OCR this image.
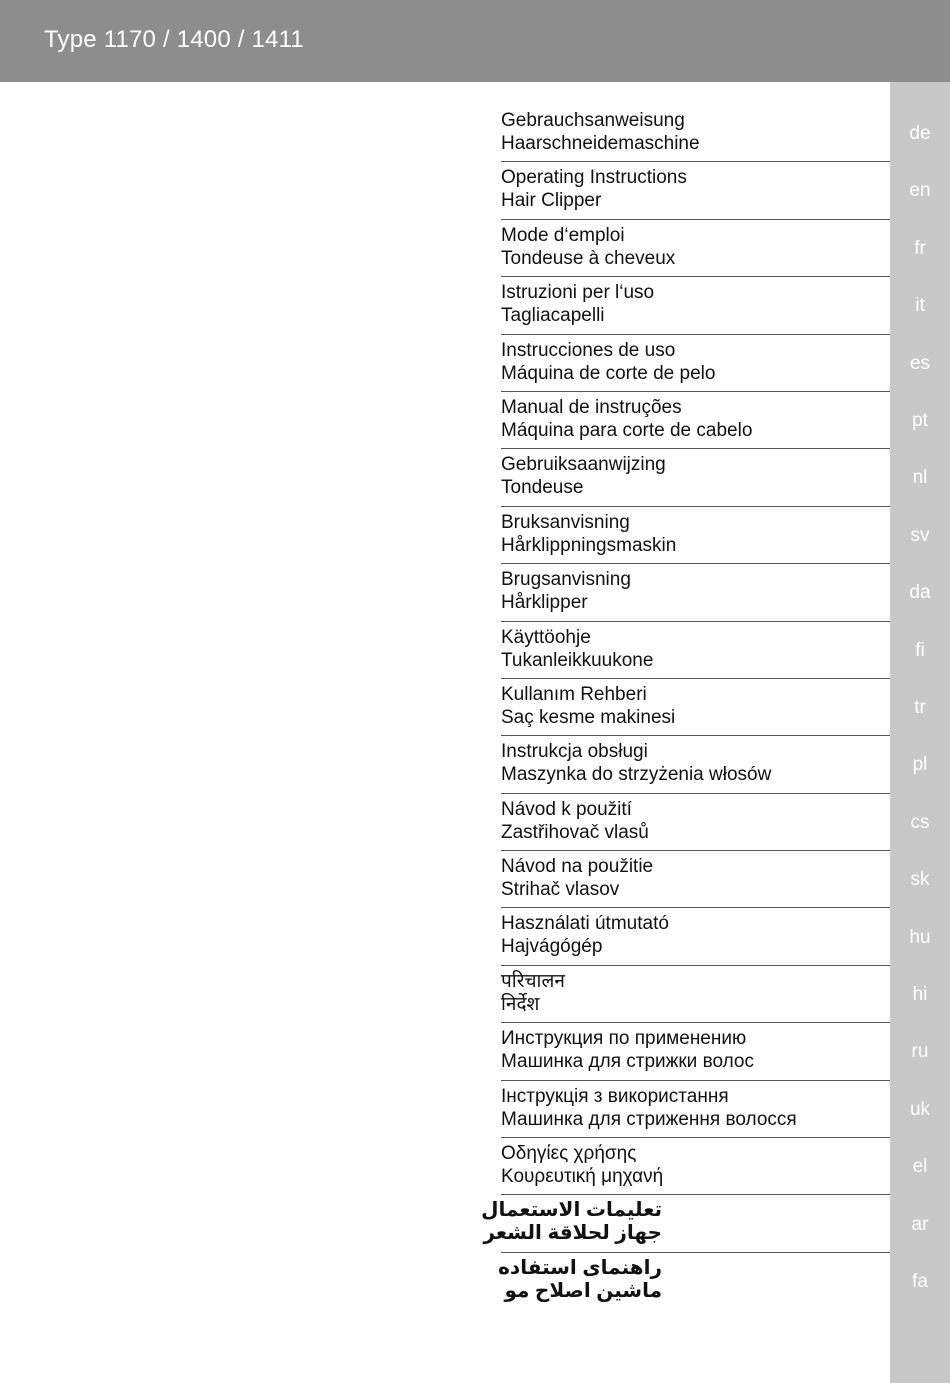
Type 1170 / 1400 / 1411
de
en
fr
it
es
pt
nl
sv
da
fi
tr
pl
cs
sk
hu
hi
ru
uk
el
ar
fa
Gebrauchsanweisung
Haarschneidemaschine
Operating Instructions
Hair Clipper
Mode d‘emploi
Tondeuse à cheveux
Istruzioni per l‘uso
Tagliacapelli
Instrucciones de uso
Máquina de corte de pelo
Manual de instruções
Máquina para corte de cabelo
Gebruiksaanwijzing
Tondeuse
Bruksanvisning
Hårklippningsmaskin
Brugsanvisning
Hårklipper
Käyttöohje
Tukanleikkuukone
Kullanım Rehberi
Saç kesme makinesi
Instrukcja obsługi
Maszynka do strzyżenia włosów
Návod k použití
Zastřihovač vlasů
Návod na použitie
Strihač vlasov
Használati útmutató
Hajvágógép
परिचालन
निर्देश
Инструкция по применению
Машинка для стрижки волос
Інструкція з використання
Машинка для стриження волосся
Οδηγίες χρήσης
Κουρευτική μηχανή
تعليمات الاستعمال
جهاز لحلاقة الشعر
راهنمای استفاده
ماشین اصلاح مو
